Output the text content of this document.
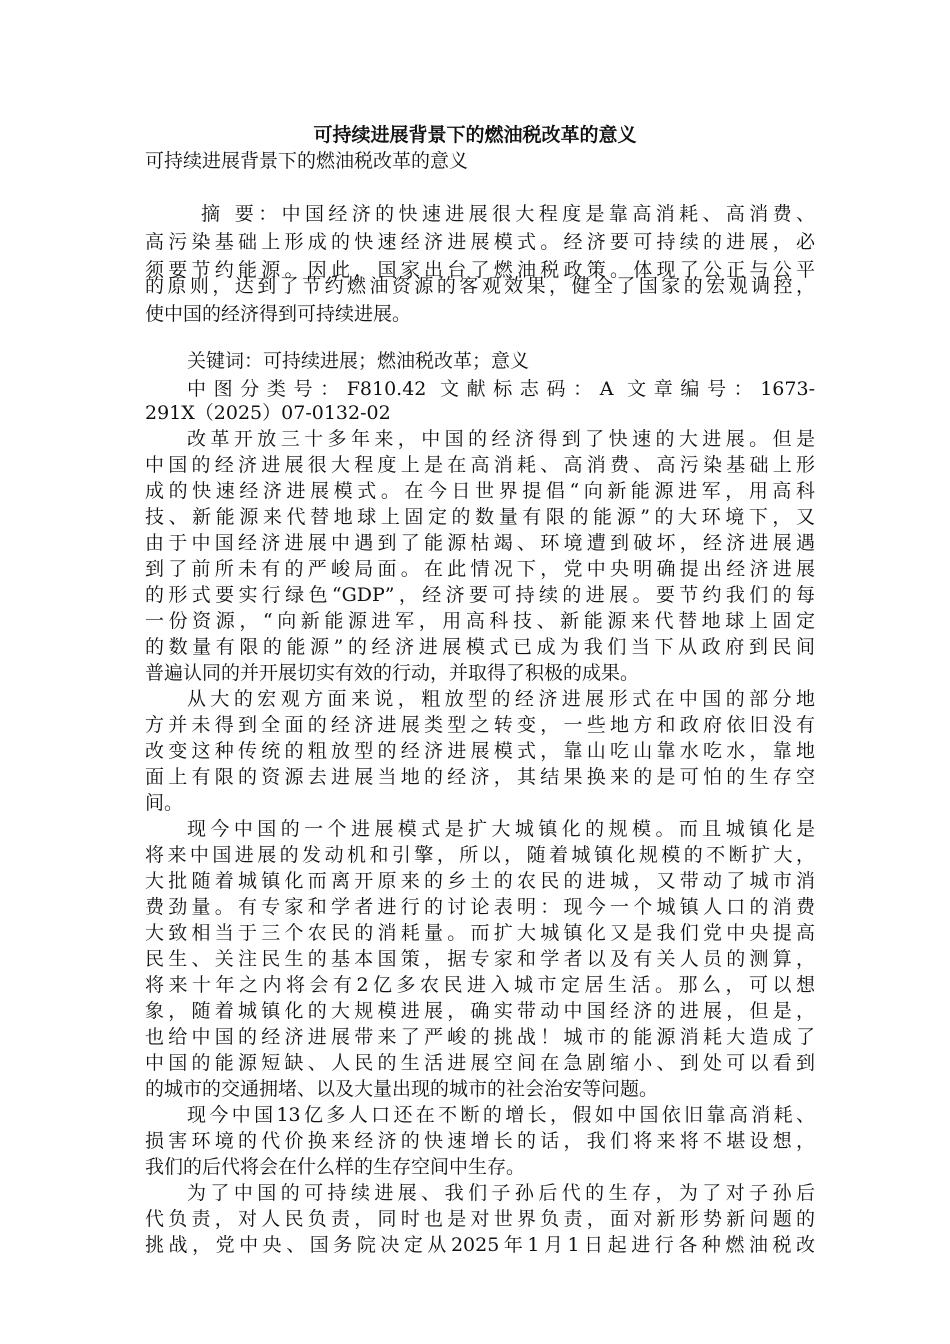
可持续进展背景下的燃油税改革的意义
可持续进展背景下的燃油税改革的意义
摘 要：中国经济的快速进展很大程度是靠高消耗、高消费、
高污染基础上形成的快速经济进展模式。经济要可持续的进展，必
须要节约能源。因此，国家出台了燃油税政策。体现了公正与公平
的原则，达到了节约燃油资源的客观效果，健全了国家的宏观调控，
使中国的经济得到可持续进展。
关键词：可持续进展；燃油税改革；意义
中图分类号：F810.42 文献标志码：A 文章编号：1673-
291X（2025）07-0132-02
改革开放三十多年来，中国的经济得到了快速的大进展。但是
中国的经济进展很大程度上是在高消耗、高消费、高污染基础上形
成的快速经济进展模式。在今日世界提倡“向新能源进军，用高科
技、新能源来代替地球上固定的数量有限的能源”的大环境下，又
由于中国经济进展中遇到了能源枯竭、环境遭到破坏，经济进展遇
到了前所未有的严峻局面。在此情况下，党中央明确提出经济进展
的形式要实行绿色“GDP”，经济要可持续的进展。要节约我们的每
一份资源，“向新能源进军，用高科技、新能源来代替地球上固定
的数量有限的能源”的经济进展模式已成为我们当下从政府到民间
普遍认同的并开展切实有效的行动，并取得了积极的成果。
从大的宏观方面来说，粗放型的经济进展形式在中国的部分地
方并未得到全面的经济进展类型之转变，一些地方和政府依旧没有
改变这种传统的粗放型的经济进展模式，靠山吃山靠水吃水，靠地
面上有限的资源去进展当地的经济，其结果换来的是可怕的生存空
间。
现今中国的一个进展模式是扩大城镇化的规模。而且城镇化是
将来中国进展的发动机和引擎，所以，随着城镇化规模的不断扩大，
大批随着城镇化而离开原来的乡土的农民的进城，又带动了城市消
费劲量。有专家和学者进行的讨论表明：现今一个城镇人口的消费
大致相当于三个农民的消耗量。而扩大城镇化又是我们党中央提高
民生、关注民生的基本国策，据专家和学者以及有关人员的测算，
将来十年之内将会有2亿多农民进入城市定居生活。那么，可以想
象，随着城镇化的大规模进展，确实带动中国经济的进展，但是，
也给中国的经济进展带来了严峻的挑战！城市的能源消耗大造成了
中国的能源短缺、人民的生活进展空间在急剧缩小、到处可以看到
的城市的交通拥堵、以及大量出现的城市的社会治安等问题。
现今中国13亿多人口还在不断的增长，假如中国依旧靠高消耗、
损害环境的代价换来经济的快速增长的话，我们将来将不堪设想，
我们的后代将会在什么样的生存空间中生存。
为了中国的可持续进展、我们子孙后代的生存，为了对子孙后
代负责，对人民负责，同时也是对世界负责，面对新形势新问题的
挑战，党中央、国务院决定从2025年1月1日起进行各种燃油税改
